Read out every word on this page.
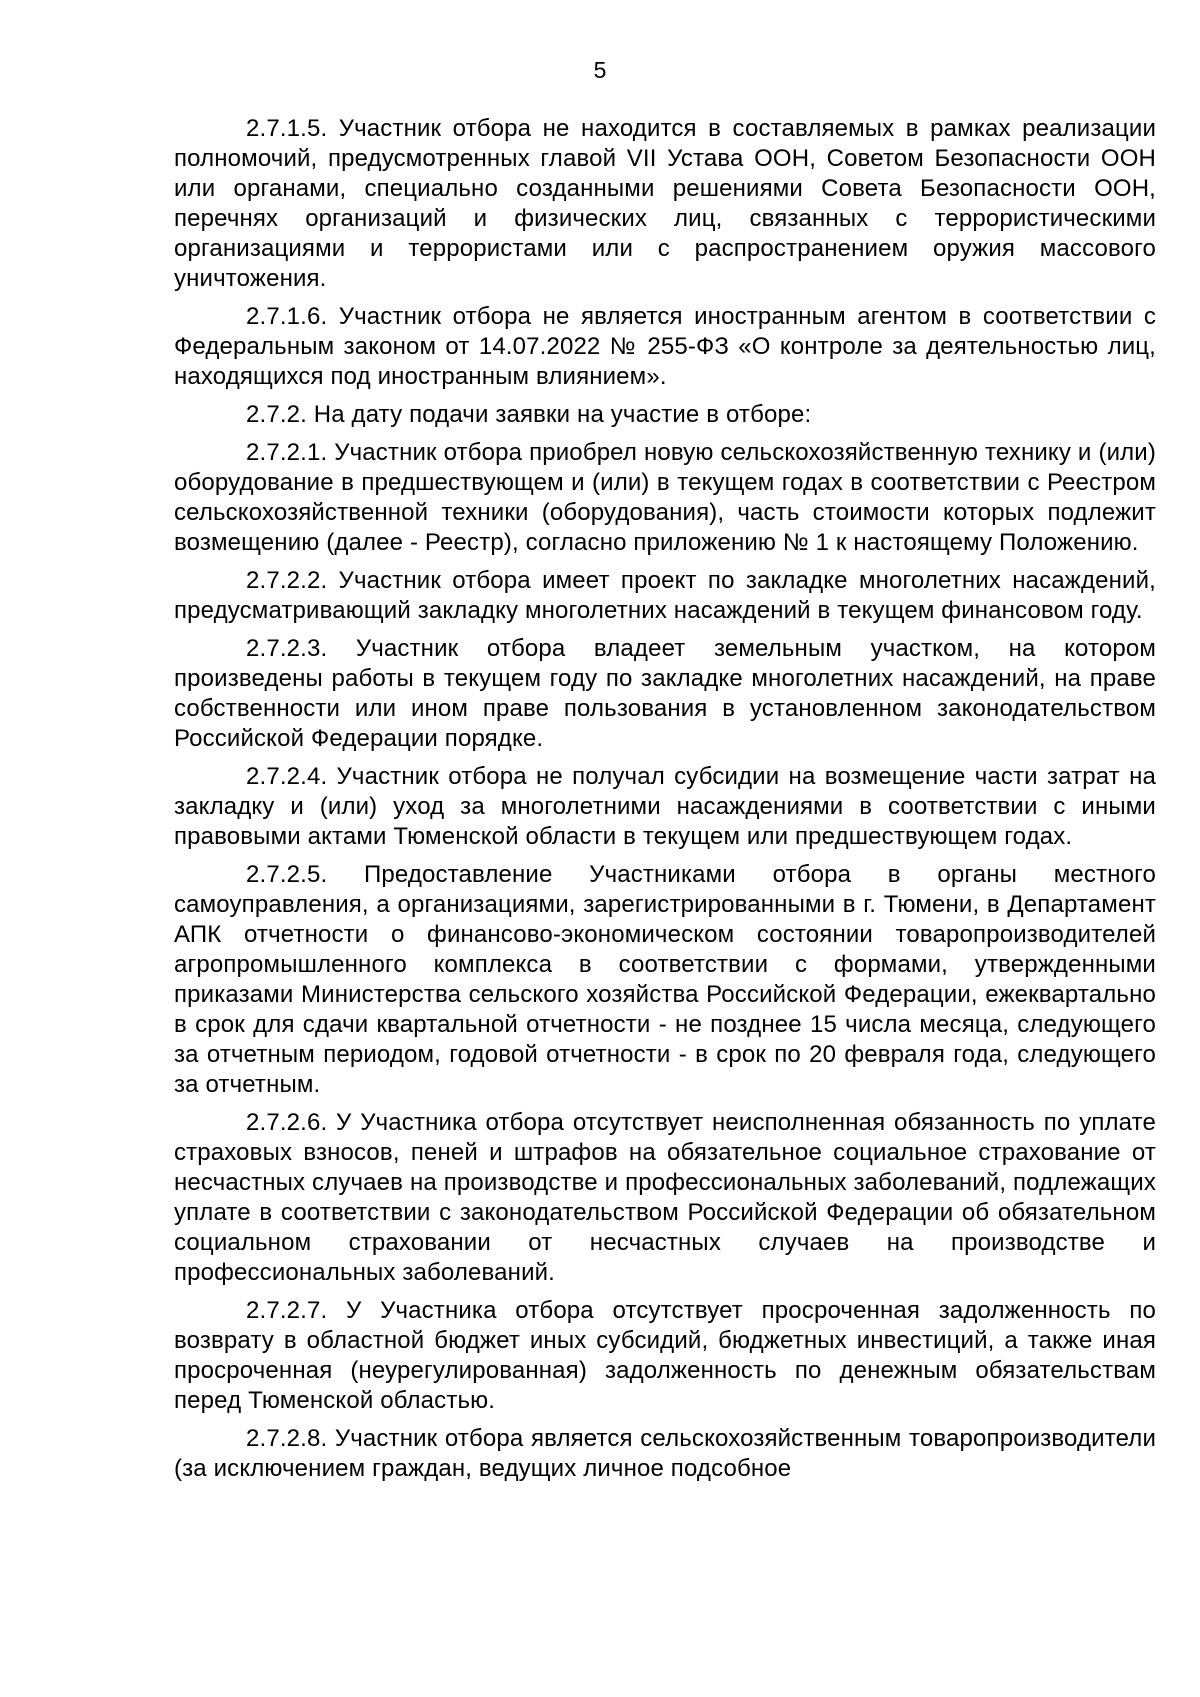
5

2.7.1.5. Участник отбора не находится в составляемых в рамках реализации полномочий, предусмотренных главой VII Устава ООН, Советом Безопасности ООН или органами, специально созданными решениями Совета Безопасности ООН, перечнях организаций и физических лиц, связанных с террористическими организациями и террористами или с распространением оружия массового уничтожения.

2.7.1.6. Участник отбора не является иностранным агентом в соответствии с Федеральным законом от 14.07.2022 № 255-ФЗ «О контроле за деятельностью лиц, находящихся под иностранным влиянием».

2.7.2. На дату подачи заявки на участие в отборе:

2.7.2.1. Участник отбора приобрел новую сельскохозяйственную технику и (или) оборудование в предшествующем и (или) в текущем годах в соответствии с Реестром сельскохозяйственной техники (оборудования), часть стоимости которых подлежит возмещению (далее - Реестр), согласно приложению № 1 к настоящему Положению.

2.7.2.2. Участник отбора имеет проект по закладке многолетних насаждений, предусматривающий закладку многолетних насаждений в текущем финансовом году.

2.7.2.3. Участник отбора владеет земельным участком, на котором произведены работы в текущем году по закладке многолетних насаждений, на праве собственности или ином праве пользования в установленном законодательством Российской Федерации порядке.

2.7.2.4. Участник отбора не получал субсидии на возмещение части затрат на закладку и (или) уход за многолетними насаждениями в соответствии с иными правовыми актами Тюменской области в текущем или предшествующем годах.

2.7.2.5. Предоставление Участниками отбора в органы местного самоуправления, а организациями, зарегистрированными в г. Тюмени, в Департамент АПК отчетности о финансово-экономическом состоянии товаропроизводителей агропромышленного комплекса в соответствии с формами, утвержденными приказами Министерства сельского хозяйства Российской Федерации, ежеквартально в срок для сдачи квартальной отчетности - не позднее 15 числа месяца, следующего за отчетным периодом, годовой отчетности - в срок по 20 февраля года, следующего за отчетным.

2.7.2.6. У Участника отбора отсутствует неисполненная обязанность по уплате страховых взносов, пеней и штрафов на обязательное социальное страхование от несчастных случаев на производстве и профессиональных заболеваний, подлежащих уплате в соответствии с законодательством Российской Федерации об обязательном социальном страховании от несчастных случаев на производстве и профессиональных заболеваний.

2.7.2.7. У Участника отбора отсутствует просроченная задолженность по возврату в областной бюджет иных субсидий, бюджетных инвестиций, а также иная просроченная (неурегулированная) задолженность по денежным обязательствам перед Тюменской областью.

2.7.2.8. Участник отбора является сельскохозяйственным товаропроизводители (за исключением граждан, ведущих личное подсобное
